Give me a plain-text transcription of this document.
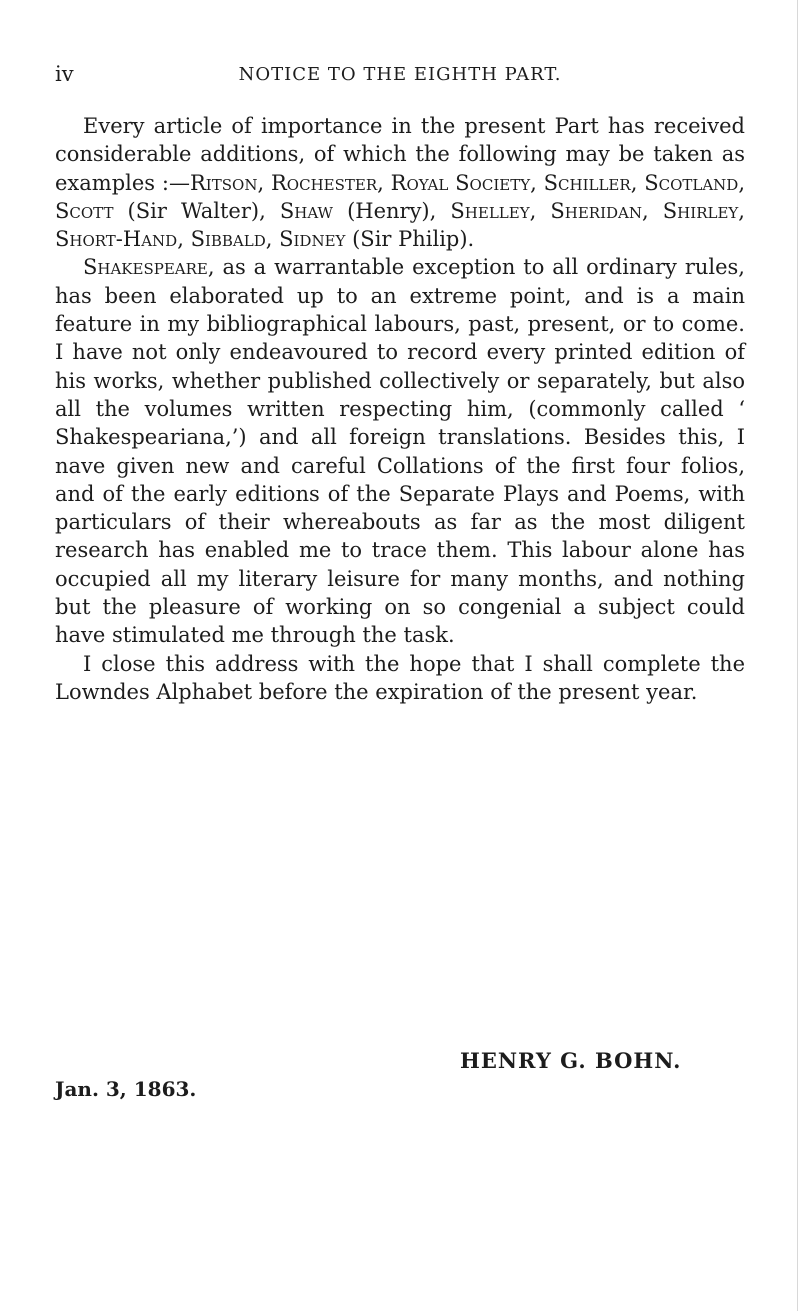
iv	NOTICE TO THE EIGHTH PART.

Every article of importance in the present Part has received considerable additions, of which the following may be taken as examples :—Ritson, Rochester, Royal Society, Schiller, Scotland, Scott (Sir Walter), Shaw (Henry), Shelley, Sheridan, Shirley, Short-Hand, Sibbald, Sidney (Sir Philip).

Shakespeare, as a warrantable exception to all ordinary rules, has been elaborated up to an extreme point, and is a main feature in my bibliographical labours, past, present, or to come. I have not only endeavoured to record every printed edition of his works, whether published collectively or separately, but also all the volumes written respecting him, (commonly called ‘ Shakespeariana,’) and all foreign translations. Besides this, I nave given new and careful Collations of the first four folios, and of the early editions of the Separate Plays and Poems, with particulars of their whereabouts as far as the most diligent research has enabled me to trace them. This labour alone has occupied all my literary leisure for many months, and nothing but the pleasure of working on so congenial a subject could have stimulated me through the task.

I close this address with the hope that I shall complete the Lowndes Alphabet before the expiration of the present year.

HENRY G. BOHN.
Jan. 3, 1863.
